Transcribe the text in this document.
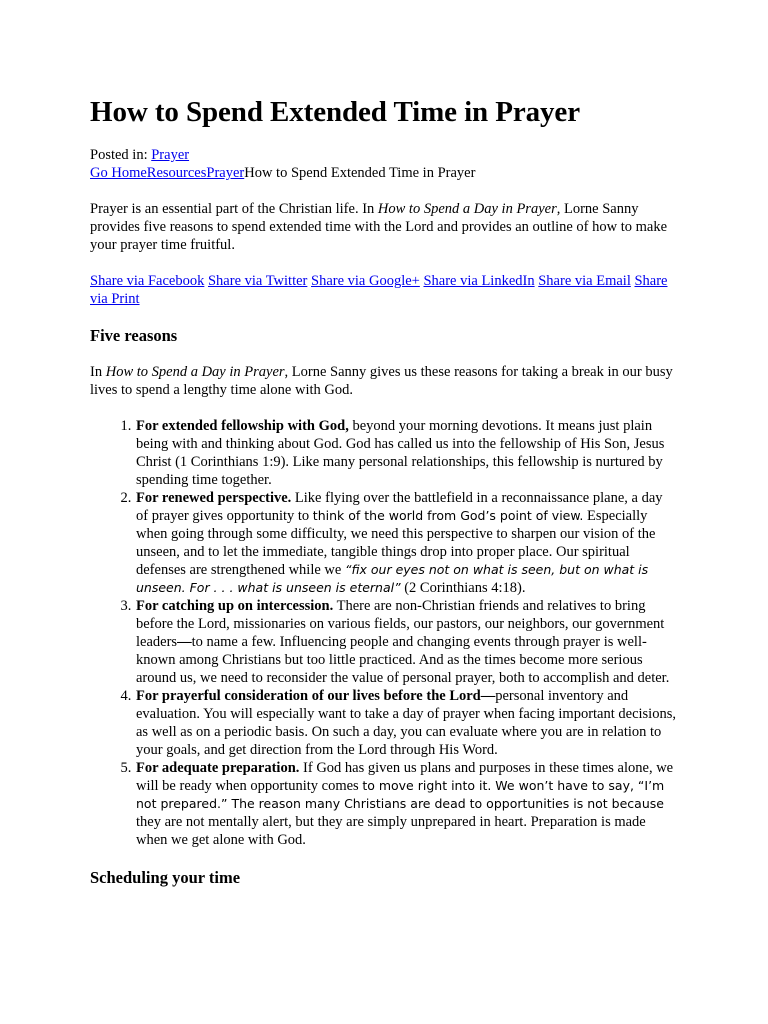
How to Spend Extended Time in Prayer
Posted in: Prayer
Go HomeResourcesPrayerHow to Spend Extended Time in Prayer

Prayer is an essential part of the Christian life. In How to Spend a Day in Prayer, Lorne Sanny provides five reasons to spend extended time with the Lord and provides an outline of how to make your prayer time fruitful.

Share via Facebook Share via Twitter Share via Google+ Share via LinkedIn Share via Email Share via Print
Five reasons

In How to Spend a Day in Prayer, Lorne Sanny gives us these reasons for taking a break in our busy lives to spend a lengthy time alone with God.

1. For extended fellowship with God, beyond your morning devotions. It means just plain being with and thinking about God. God has called us into the fellowship of His Son, Jesus Christ (1 Corinthians 1:9). Like many personal relationships, this fellowship is nurtured by spending time together.
2. For renewed perspective. Like flying over the battlefield in a reconnaissance plane, a day of prayer gives opportunity to think of the world from God’s point of view. Especially when going through some difficulty, we need this perspective to sharpen our vision of the unseen, and to let the immediate, tangible things drop into proper place. Our spiritual defenses are strengthened while we “fix our eyes not on what is seen, but on what is unseen. For . . . what is unseen is eternal” (2 Corinthians 4:18).
3. For catching up on intercession. There are non-Christian friends and relatives to bring before the Lord, missionaries on various fields, our pastors, our neighbors, our government leaders—to name a few. Influencing people and changing events through prayer is well-known among Christians but too little practiced. And as the times become more serious around us, we need to reconsider the value of personal prayer, both to accomplish and deter.
4. For prayerful consideration of our lives before the Lord—personal inventory and evaluation. You will especially want to take a day of prayer when facing important decisions, as well as on a periodic basis. On such a day, you can evaluate where you are in relation to your goals, and get direction from the Lord through His Word.
5. For adequate preparation. If God has given us plans and purposes in these times alone, we will be ready when opportunity comes to move right into it. We won’t have to say, “I’m not prepared.” The reason many Christians are dead to opportunities is not because they are not mentally alert, but they are simply unprepared in heart. Preparation is made when we get alone with God.
Scheduling your time
